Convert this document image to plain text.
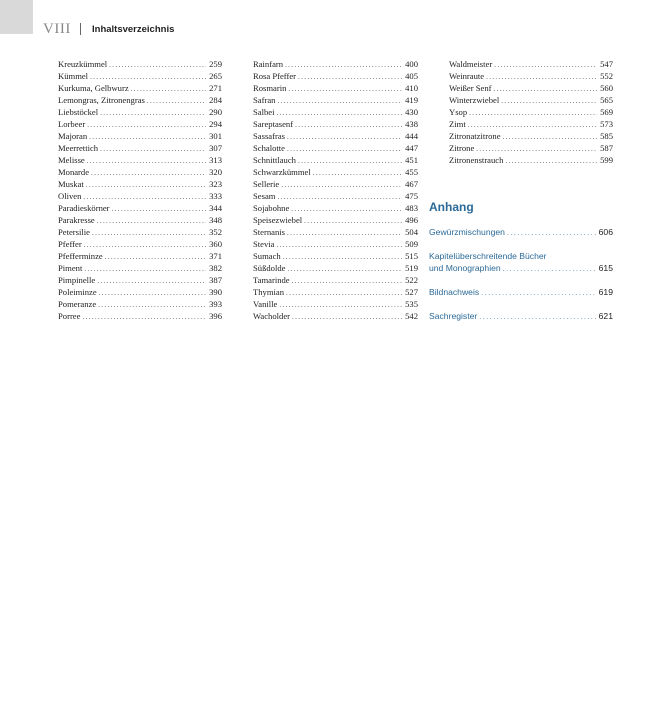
VIII Inhaltsverzeichnis
Kreuzkümmel . . .	259
Kümmel . . .	265
Kurkuma, Gelbwurz . . .	271
Lemongras, Zitronengras . . .	284
Liebstöckel . . .	290
Lorbeer . . .	294
Majoran . . .	301
Meerrettich . . .	307
Melisse . . .	313
Monarde . . .	320
Muskat . . .	323
Oliven . . .	333
Paradieskörner . . .	344
Parakresse . . .	348
Petersilie . . .	352
Pfeffer . . .	360
Pfefferminze . . .	371
Piment . . .	382
Pimpinelle . . .	387
Poleiminze . . .	390
Pomeranze . . .	393
Porree . . .	396
Rainfarn . . .	400
Rosa Pfeffer . . .	405
Rosmarin . . .	410
Safran . . .	419
Salbei . . .	430
Sareptasenf . . .	438
Sassafras . . .	444
Schalotte . . .	447
Schnittlauch . . .	451
Schwarzkümmel . . .	455
Sellerie . . .	467
Sesam . . .	475
Sojabohne . . .	483
Speisezwiebel . . .	496
Sternanis . . .	504
Stevia . . .	509
Sumach . . .	515
Süßdolde . . .	519
Tamarinde . . .	522
Thymian . . .	527
Vanille . . .	535
Wacholder . . .	542
Waldmeister . . .	547
Weinraute . . .	552
Weißer Senf . . .	560
Winterzwiebel . . .	565
Ysop . . .	569
Zimt . . .	573
Zitronatzitrone . . .	585
Zitrone . . .	587
Zitronenstrauch . . .	599
Anhang
Gewürzmischungen . . .	606
Kapitelüberschreitende Bücher
und Monographien . . .	615
Bildnachweis . . .	619
Sachregister . . .	621
